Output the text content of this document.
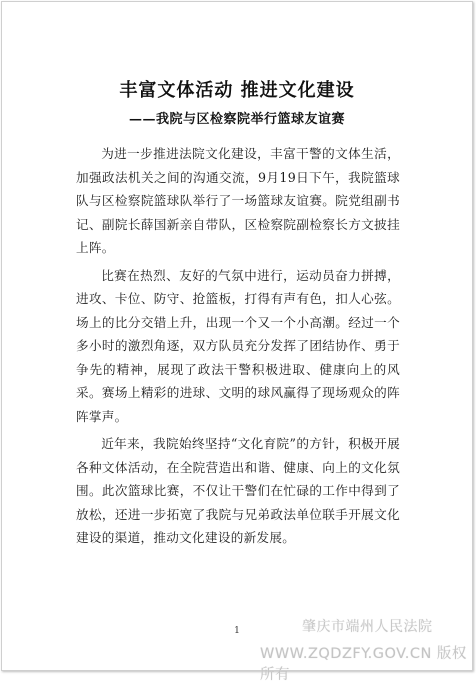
丰富文体活动 推进文化建设
——我院与区检察院举行篮球友谊赛

为进一步推进法院文化建设，丰富干警的文体生活，加强政法机关之间的沟通交流，9月19日下午，我院篮球队与区检察院篮球队举行了一场篮球友谊赛。院党组副书记、副院长薛国新亲自带队，区检察院副检察长方文披挂上阵。

比赛在热烈、友好的气氛中进行，运动员奋力拼搏，进攻、卡位、防守、抢篮板，打得有声有色，扣人心弦。场上的比分交错上升，出现一个又一个小高潮。经过一个多小时的激烈角逐，双方队员充分发挥了团结协作、勇于争先的精神，展现了政法干警积极进取、健康向上的风采。赛场上精彩的进球、文明的球风赢得了现场观众的阵阵掌声。

近年来，我院始终坚持“文化育院”的方针，积极开展各种文体活动，在全院营造出和谐、健康、向上的文化氛围。此次篮球比赛，不仅让干警们在忙碌的工作中得到了放松，还进一步拓宽了我院与兄弟政法单位联手开展文化建设的渠道，推动文化建设的新发展。

1	肇庆市端州人民法院
WWW.ZQDZFY.GOV.CN 版权所有
